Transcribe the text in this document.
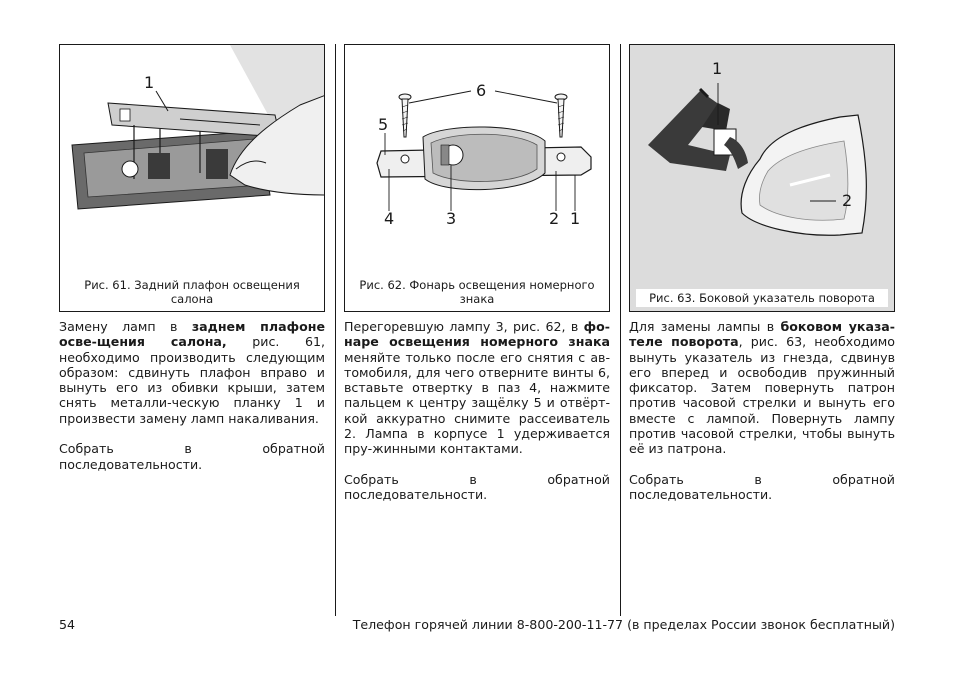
1
Рис. 61. Задний плафон освещения салона
6
5
4	3	2 1
Рис. 62. Фонарь освещения номерного знака
1
2
Рис. 63. Боковой указатель поворота

Замену ламп в заднем плафоне осве-щения салона, рис. 61, необходимо производить следующим образом: сдвинуть плафон вправо и вынуть его из обивки крыши, затем снять металли-ческую планку 1 и произвести замену ламп накаливания.

Собрать в обратной последовательности.

Перегоревшую лампу 3, рис. 62, в фо-наре освещения номерного знака меняйте только после его снятия с ав-томобиля, для чего отверните винты 6, вставьте отвертку в паз 4, нажмите пальцем к центру защёлку 5 и отвёрт-кой аккуратно снимите рассеиватель 2. Лампа в корпусе 1 удерживается пру-жинными контактами.

Собрать в обратной последовательности.

Для замены лампы в боковом указа-теле поворота, рис. 63, необходимо вынуть указатель из гнезда, сдвинув его вперед и освободив пружинный фиксатор. Затем повернуть патрон против часовой стрелки и вынуть его вместе с лампой. Повернуть лампу против часовой стрелки, чтобы вынуть её из патрона.

Собрать в обратной последовательности.

54	Телефон горячей линии 8-800-200-11-77 (в пределах России звонок бесплатный)
